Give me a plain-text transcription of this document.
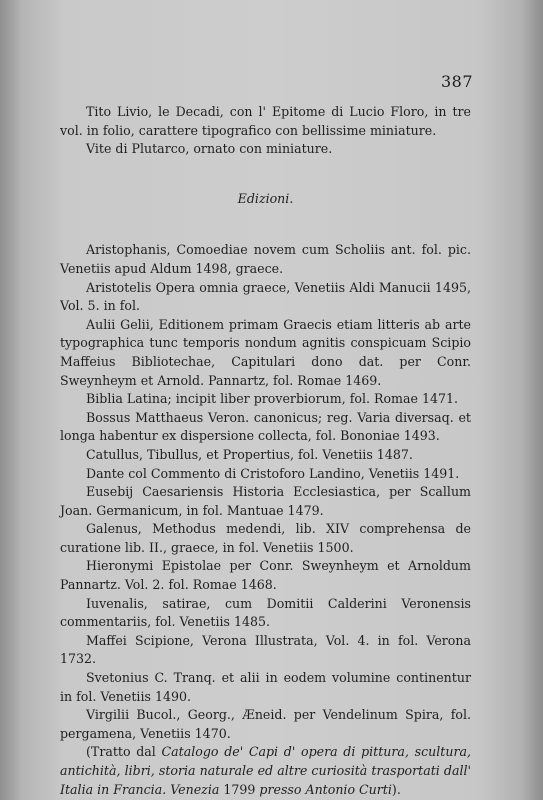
387

Tito Livio, le Decadi, con l' Epitome di Lucio Floro, in tre vol. in folio, carattere tipografico con bellissime miniature.

Vite di Plutarco, ornato con miniature.

Edizioni.

Aristophanis, Comoediae novem cum Scholiis ant. fol. pic. Venetiis apud Aldum 1498, graece.

Aristotelis Opera omnia graece, Venetiis Aldi Manucii 1495, Vol. 5. in fol.

Aulii Gelii, Editionem primam Graecis etiam litteris ab arte typographica tunc temporis nondum agnitis conspicuam Scipio Maffeius Bibliotechae, Capitulari dono dat. per Conr. Sweynheym et Arnold. Pannartz, fol. Romae 1469.

Biblia Latina; incipit liber proverbiorum, fol. Romae 1471.

Bossus Matthaeus Veron. canonicus; reg. Varia diversaq. et longa habentur ex dispersione collecta, fol. Bononiae 1493.

Catullus, Tibullus, et Propertius, fol. Venetiis 1487.

Dante col Commento di Cristoforo Landino, Venetiis 1491.

Eusebij Caesariensis Historia Ecclesiastica, per Scallum Joan. Germanicum, in fol. Mantuae 1479.

Galenus, Methodus medendi, lib. XIV comprehensa de curatione lib. II., graece, in fol. Venetiis 1500.

Hieronymi Epistolae per Conr. Sweynheym et Arnoldum Pannartz. Vol. 2. fol. Romae 1468.

Iuvenalis, satirae, cum Domitii Calderini Veronensis commentariis, fol. Venetiis 1485.

Maffei Scipione, Verona Illustrata, Vol. 4. in fol. Verona 1732.

Svetonius C. Tranq. et alii in eodem volumine continentur in fol. Venetiis 1490.

Virgilii Bucol., Georg., Æneid. per Vendelinum Spira, fol. pergamena, Venetiis 1470.

(Tratto dal Catalogo de' Capi d' opera di pittura, scultura, antichità, libri, storia naturale ed altre curiosità trasportati dall' Italia in Francia. Venezia 1799 presso Antonio Curti).
